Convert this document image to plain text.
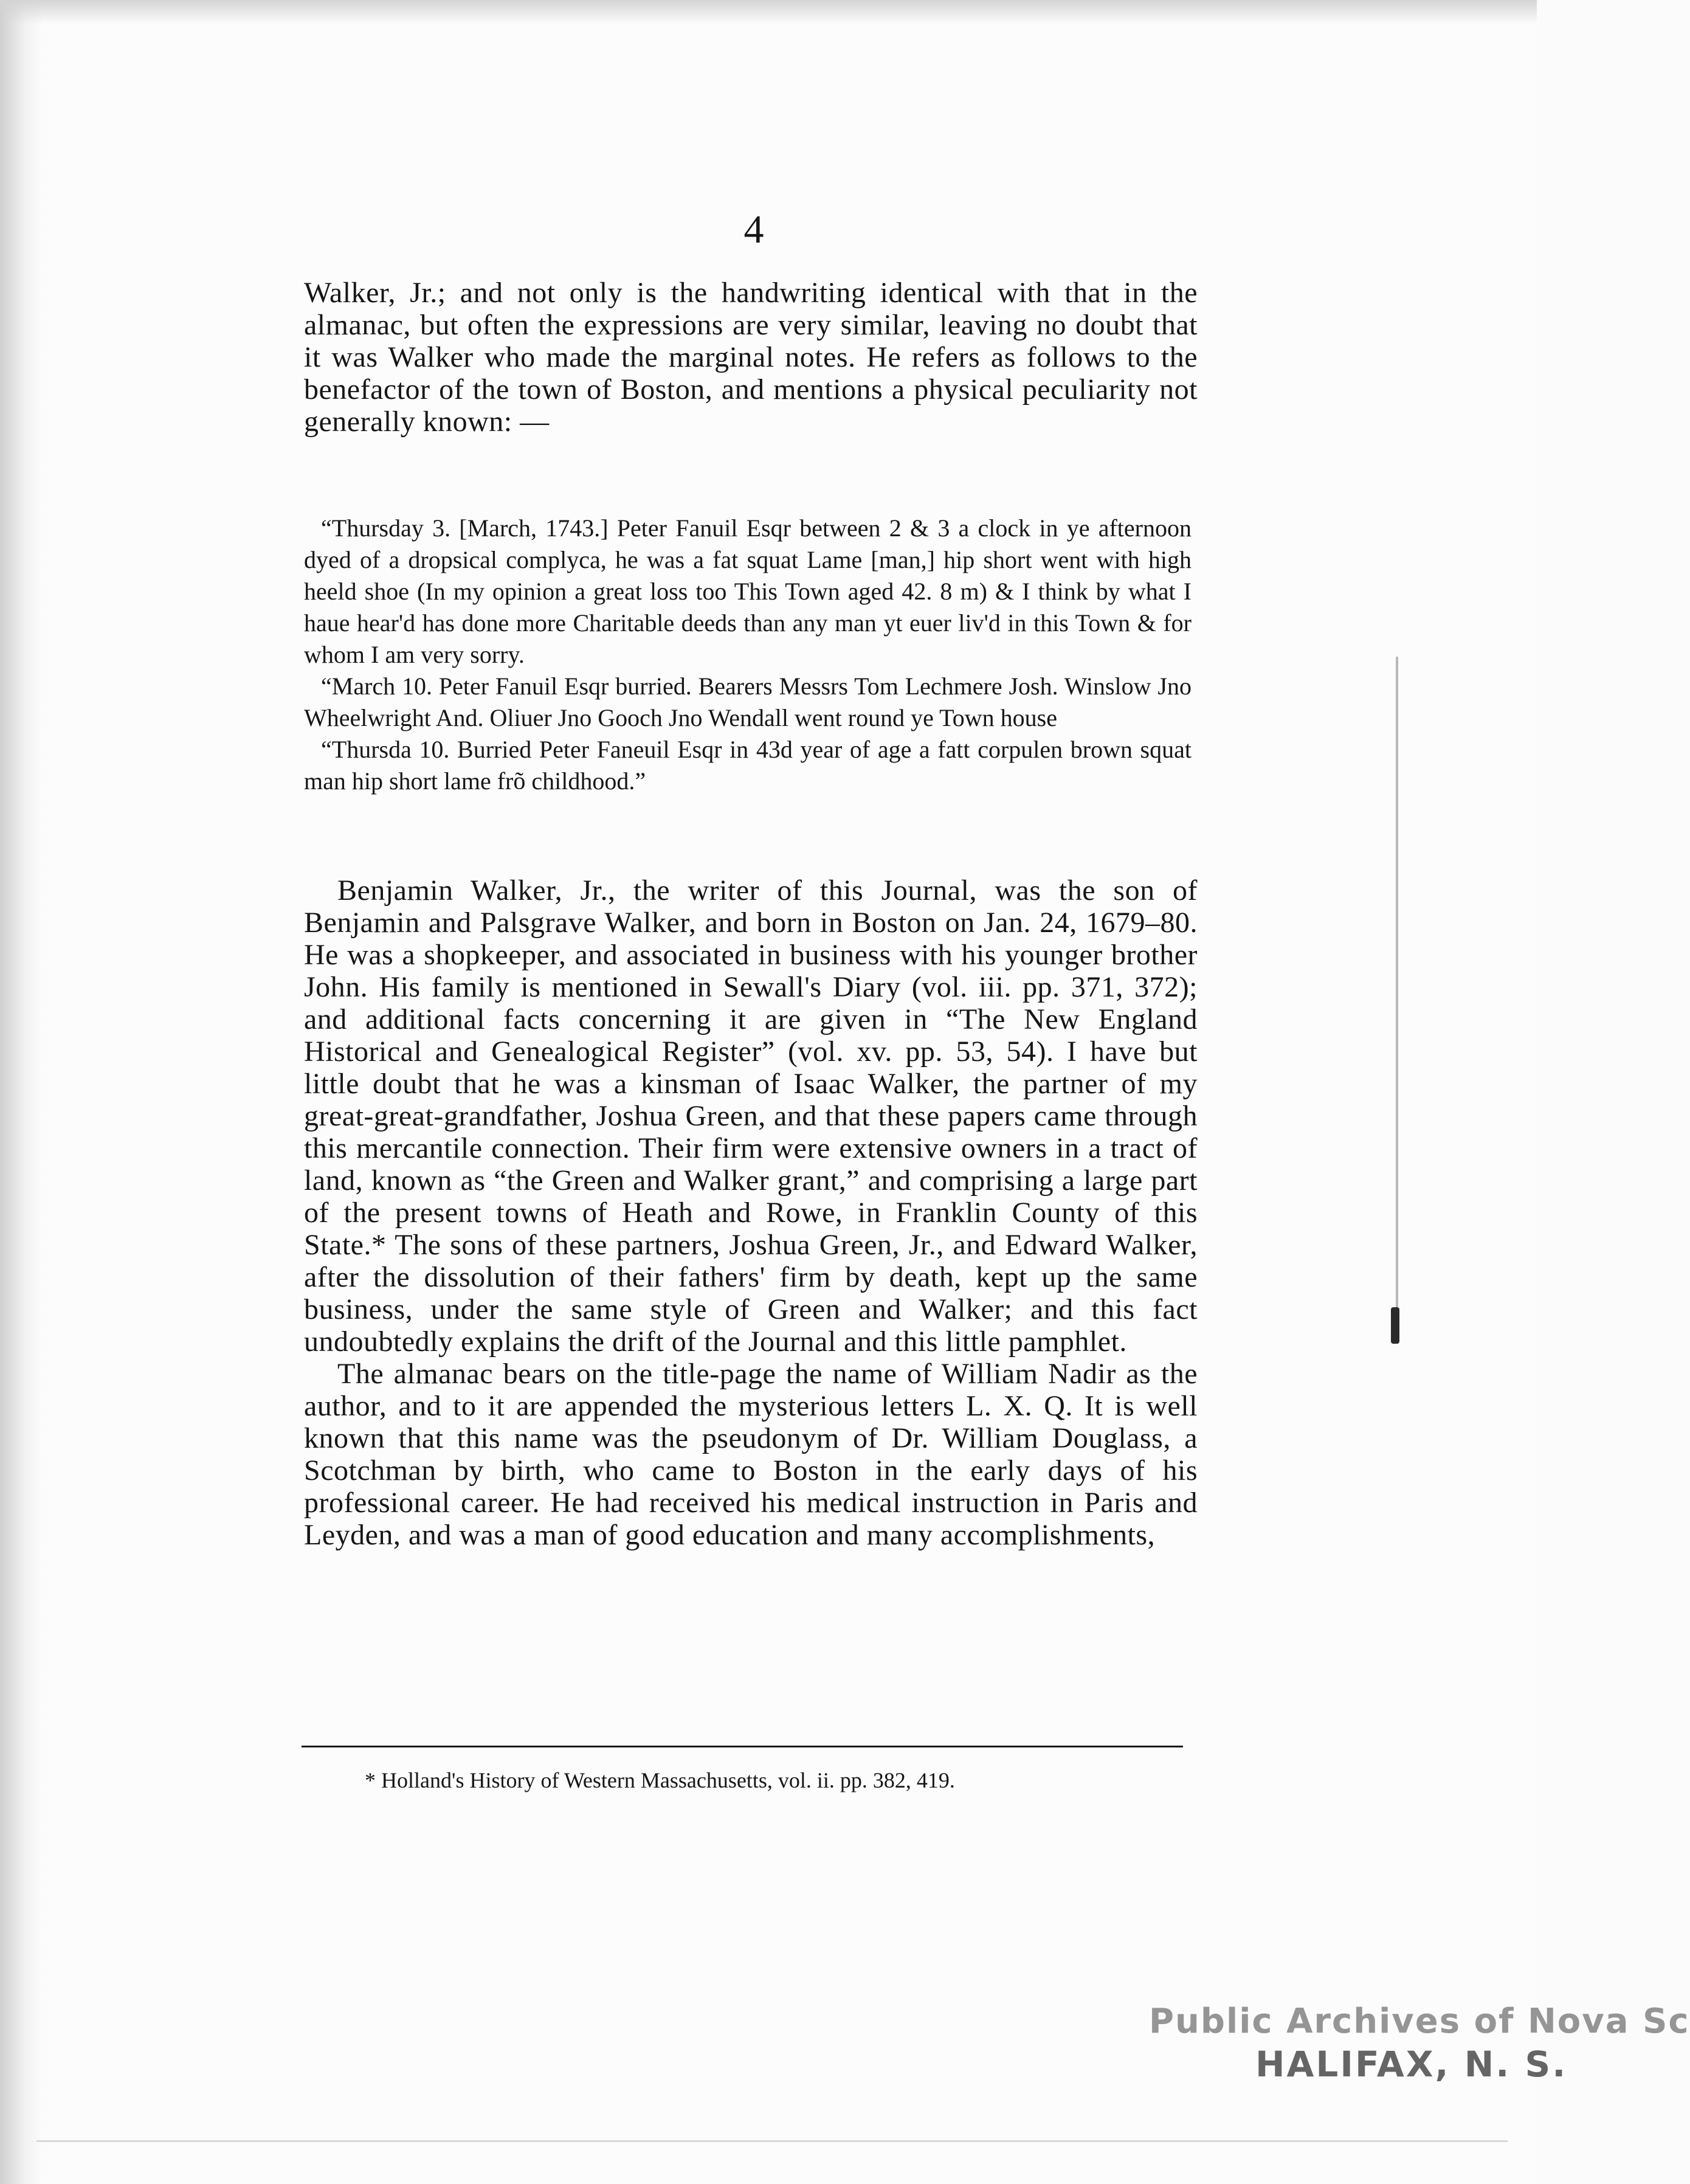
4

Walker, Jr.; and not only is the handwriting identical with that in the almanac, but often the expressions are very similar, leaving no doubt that it was Walker who made the marginal notes. He refers as follows to the benefactor of the town of Boston, and mentions a physical peculiarity not generally known: —

“Thursday 3. [March, 1743.] Peter Fanuil Esqr between 2 & 3 a clock in ye afternoon dyed of a dropsical complyca, he was a fat squat Lame [man,] hip short went with high heeld shoe (In my opinion a great loss too This Town aged 42. 8 m) & I think by what I haue hear'd has done more Charitable deeds than any man yt euer liv'd in this Town & for whom I am very sorry.

“March 10. Peter Fanuil Esqr burried. Bearers Messrs Tom Lechmere Josh. Winslow Jno Wheelwright And. Oliuer Jno Gooch Jno Wendall went round ye Town house

“Thursda 10. Burried Peter Faneuil Esqr in 43d year of age a fatt corpulen brown squat man hip short lame frõ childhood.”

Benjamin Walker, Jr., the writer of this Journal, was the son of Benjamin and Palsgrave Walker, and born in Boston on Jan. 24, 1679–80. He was a shopkeeper, and associated in business with his younger brother John. His family is mentioned in Sewall's Diary (vol. iii. pp. 371, 372); and additional facts concerning it are given in “The New England Historical and Genealogical Register” (vol. xv. pp. 53, 54). I have but little doubt that he was a kinsman of Isaac Walker, the partner of my great-great-grandfather, Joshua Green, and that these papers came through this mercantile connection. Their firm were extensive owners in a tract of land, known as “the Green and Walker grant,” and comprising a large part of the present towns of Heath and Rowe, in Franklin County of this State.* The sons of these partners, Joshua Green, Jr., and Edward Walker, after the dissolution of their fathers' firm by death, kept up the same business, under the same style of Green and Walker; and this fact undoubtedly explains the drift of the Journal and this little pamphlet.

The almanac bears on the title-page the name of William Nadir as the author, and to it are appended the mysterious letters L. X. Q. It is well known that this name was the pseudonym of Dr. William Douglass, a Scotchman by birth, who came to Boston in the early days of his professional career. He had received his medical instruction in Paris and Leyden, and was a man of good education and many accomplishments,

* Holland's History of Western Massachusetts, vol. ii. pp. 382, 419.

Public Archives of Nova Sc
HALIFAX, N. S.
